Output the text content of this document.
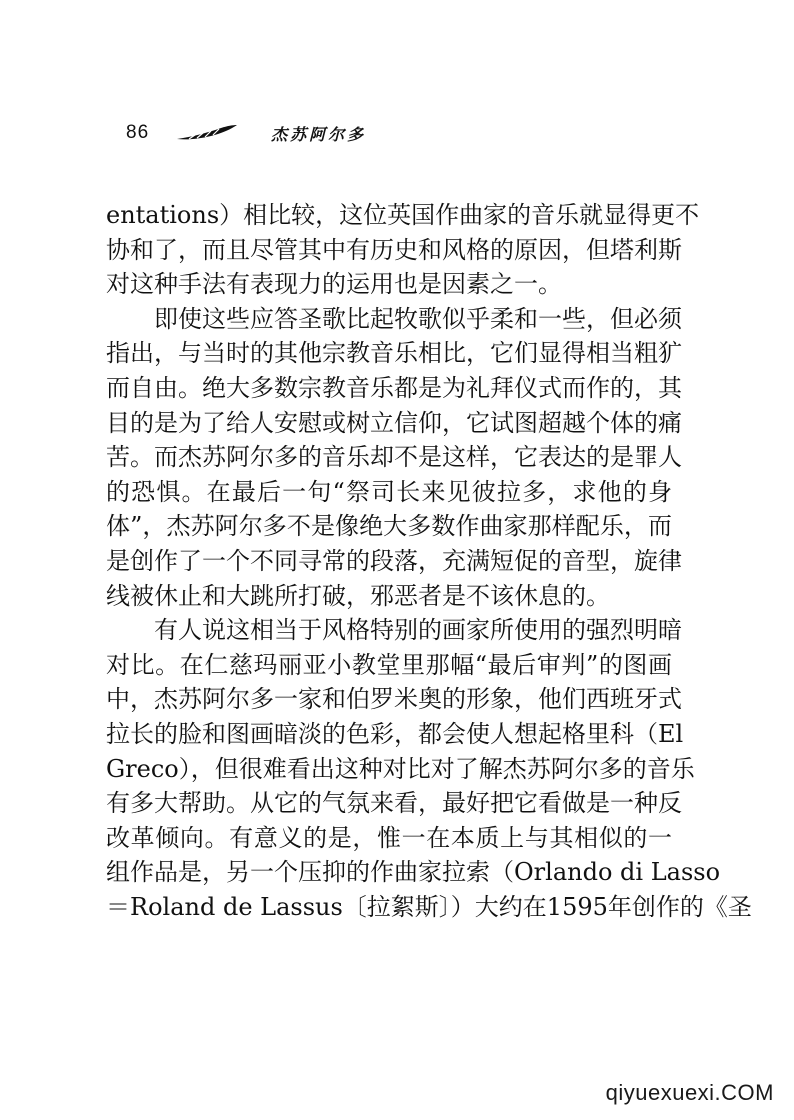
86	杰苏阿尔多
entations）相比较，这位英国作曲家的音乐就显得更不
协和了，而且尽管其中有历史和风格的原因，但塔利斯
对这种手法有表现力的运用也是因素之一。
即使这些应答圣歌比起牧歌似乎柔和一些，但必须
指出，与当时的其他宗教音乐相比，它们显得相当粗犷
而自由。绝大多数宗教音乐都是为礼拜仪式而作的，其
目的是为了给人安慰或树立信仰，它试图超越个体的痛
苦。而杰苏阿尔多的音乐却不是这样，它表达的是罪人
的恐惧。在最后一句“祭司长来见彼拉多，求他的身
体”，杰苏阿尔多不是像绝大多数作曲家那样配乐，而
是创作了一个不同寻常的段落，充满短促的音型，旋律
线被休止和大跳所打破，邪恶者是不该休息的。
有人说这相当于风格特别的画家所使用的强烈明暗
对比。在仁慈玛丽亚小教堂里那幅“最后审判”的图画
中，杰苏阿尔多一家和伯罗米奥的形象，他们西班牙式
拉长的脸和图画暗淡的色彩，都会使人想起格里科（El
Greco），但很难看出这种对比对了解杰苏阿尔多的音乐
有多大帮助。从它的气氛来看，最好把它看做是一种反
改革倾向。有意义的是，惟一在本质上与其相似的一
组作品是，另一个压抑的作曲家拉索（Orlando di Lasso
＝Roland de Lassus〔拉絮斯〕）大约在1595年创作的《圣
qiyuexuexi.COM
